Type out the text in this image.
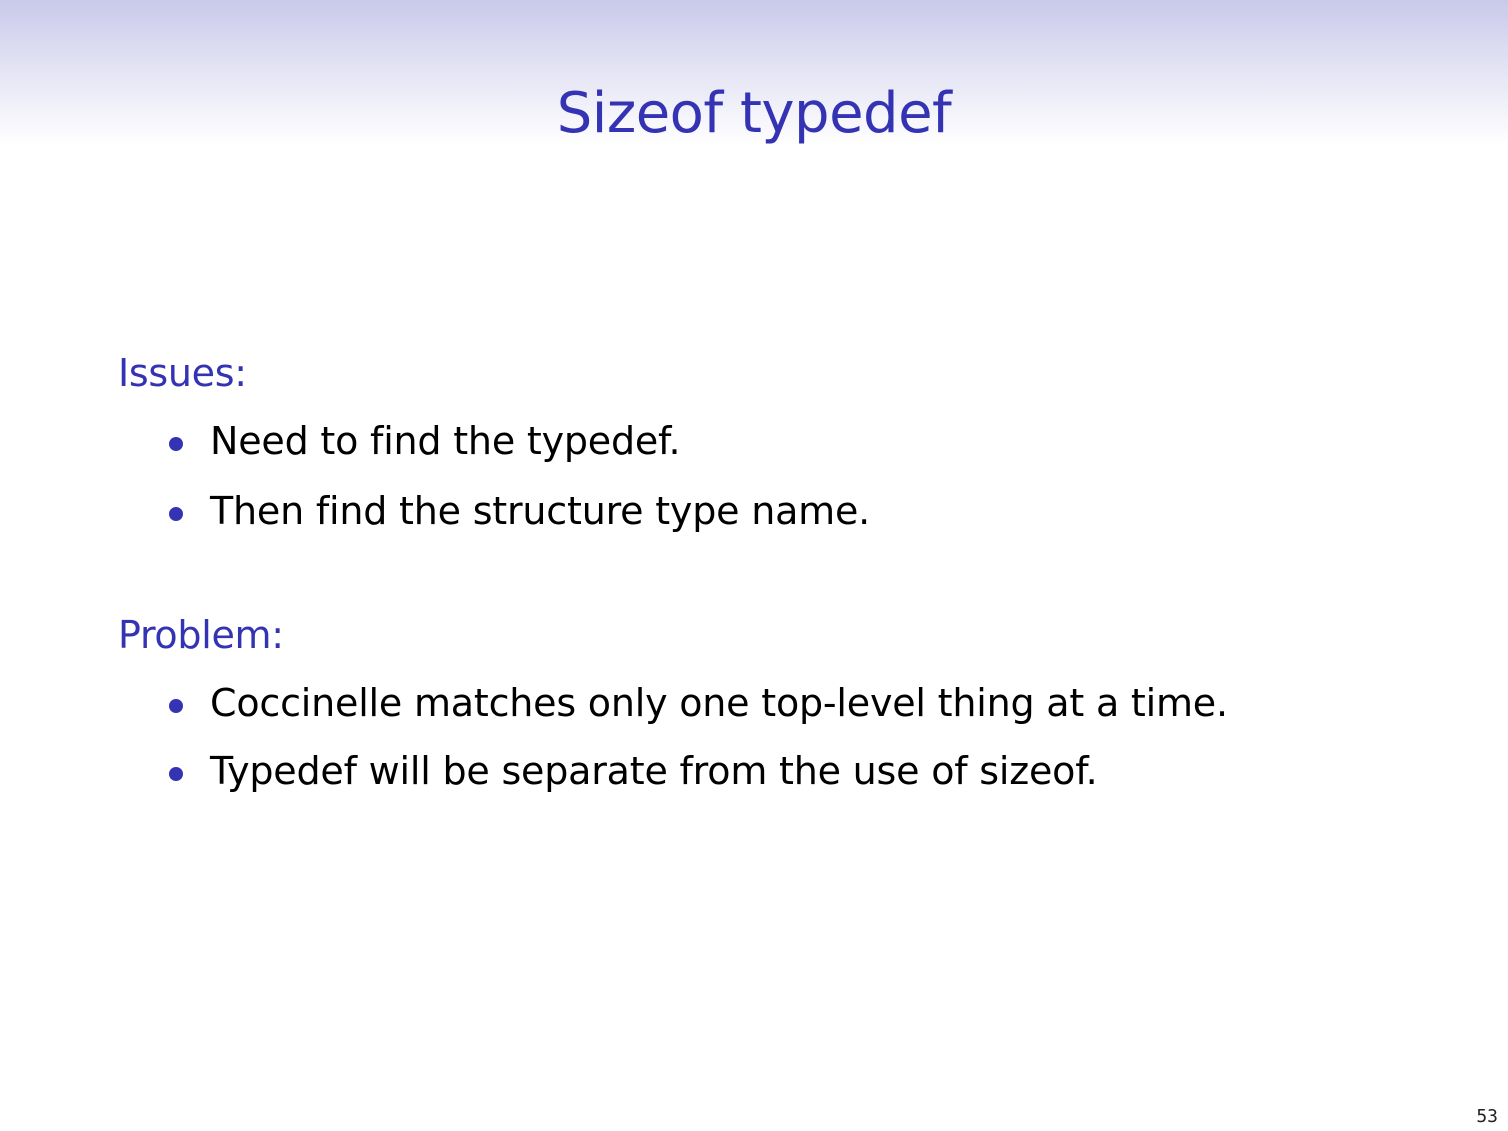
Sizeof typedef
Issues:
Need to find the typedef.
Then find the structure type name.
Problem:
Coccinelle matches only one top-level thing at a time.
Typedef will be separate from the use of sizeof.
53
